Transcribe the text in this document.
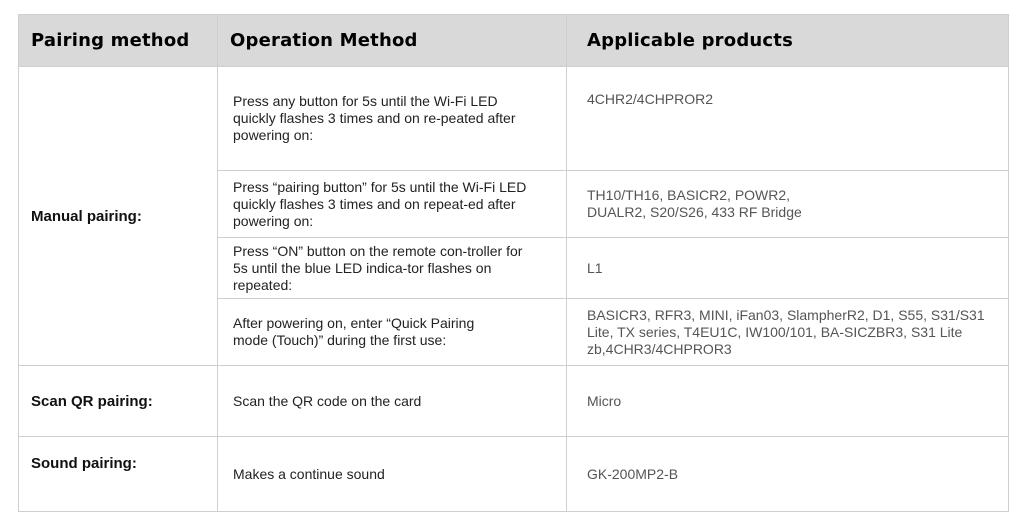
Pairing method	Operation Method	Applicable products
Manual pairing:	Press any button for 5s until the Wi-Fi LED quickly flashes 3 times and on re-peated after powering on:	4CHR2/4CHPROR2

	Press “pairing button” for 5s until the Wi-Fi LED quickly flashes 3 times and on repeat-ed after powering on:	TH10/TH16, BASICR2, POWR2, DUALR2, S20/S26, 433 RF Bridge

	Press “ON” button on the remote con-troller for 5s until the blue LED indica-tor flashes on repeated:	L1

	After powering on, enter “Quick Pairing mode (Touch)” during the first use:	BASICR3, RFR3, MINI, iFan03, SlampherR2, D1, S55, S31/S31 Lite, TX series, T4EU1C, IW100/101, BA-SICZBR3, S31 Lite zb,4CHR3/4CHPROR3
Scan QR pairing:	Scan the QR code on the card	Micro
Sound pairing:	Makes a continue sound	GK-200MP2-B
